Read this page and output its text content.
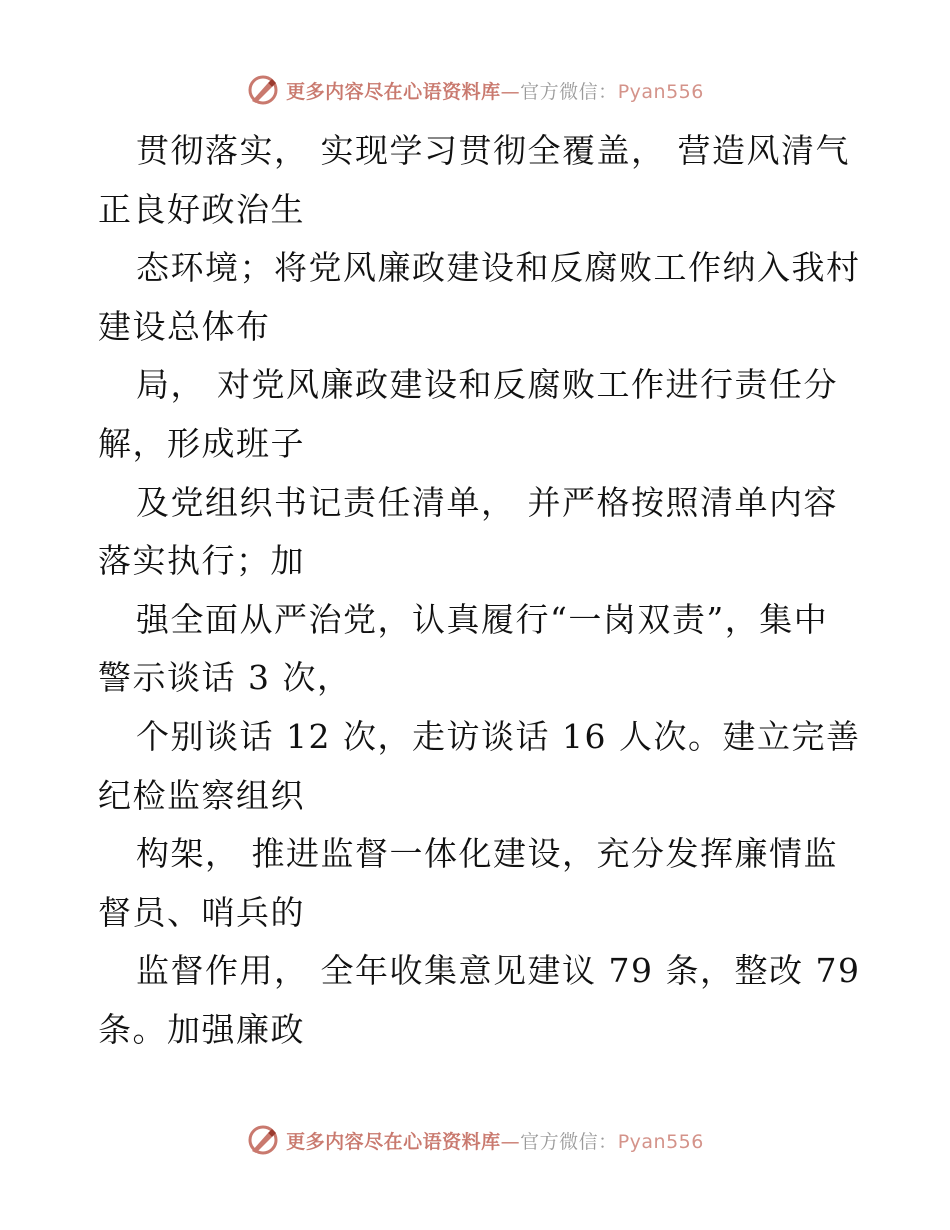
更多内容尽在心语资料库—官方微信：Pyan556
贯彻落实， 实现学习贯彻全覆盖， 营造风清气
正良好政治生
态环境；将党风廉政建设和反腐败工作纳入我村
建设总体布
局， 对党风廉政建设和反腐败工作进行责任分
解，形成班子
及党组织书记责任清单， 并严格按照清单内容
落实执行；加
强全面从严治党，认真履行“一岗双责”，集中
警示谈话 3 次，
个别谈话 12 次，走访谈话 16 人次。建立完善
纪检监察组织
构架， 推进监督一体化建设，充分发挥廉情监
督员、哨兵的
监督作用， 全年收集意见建议 79 条，整改 79
条。加强廉政
更多内容尽在心语资料库—官方微信：Pyan556
